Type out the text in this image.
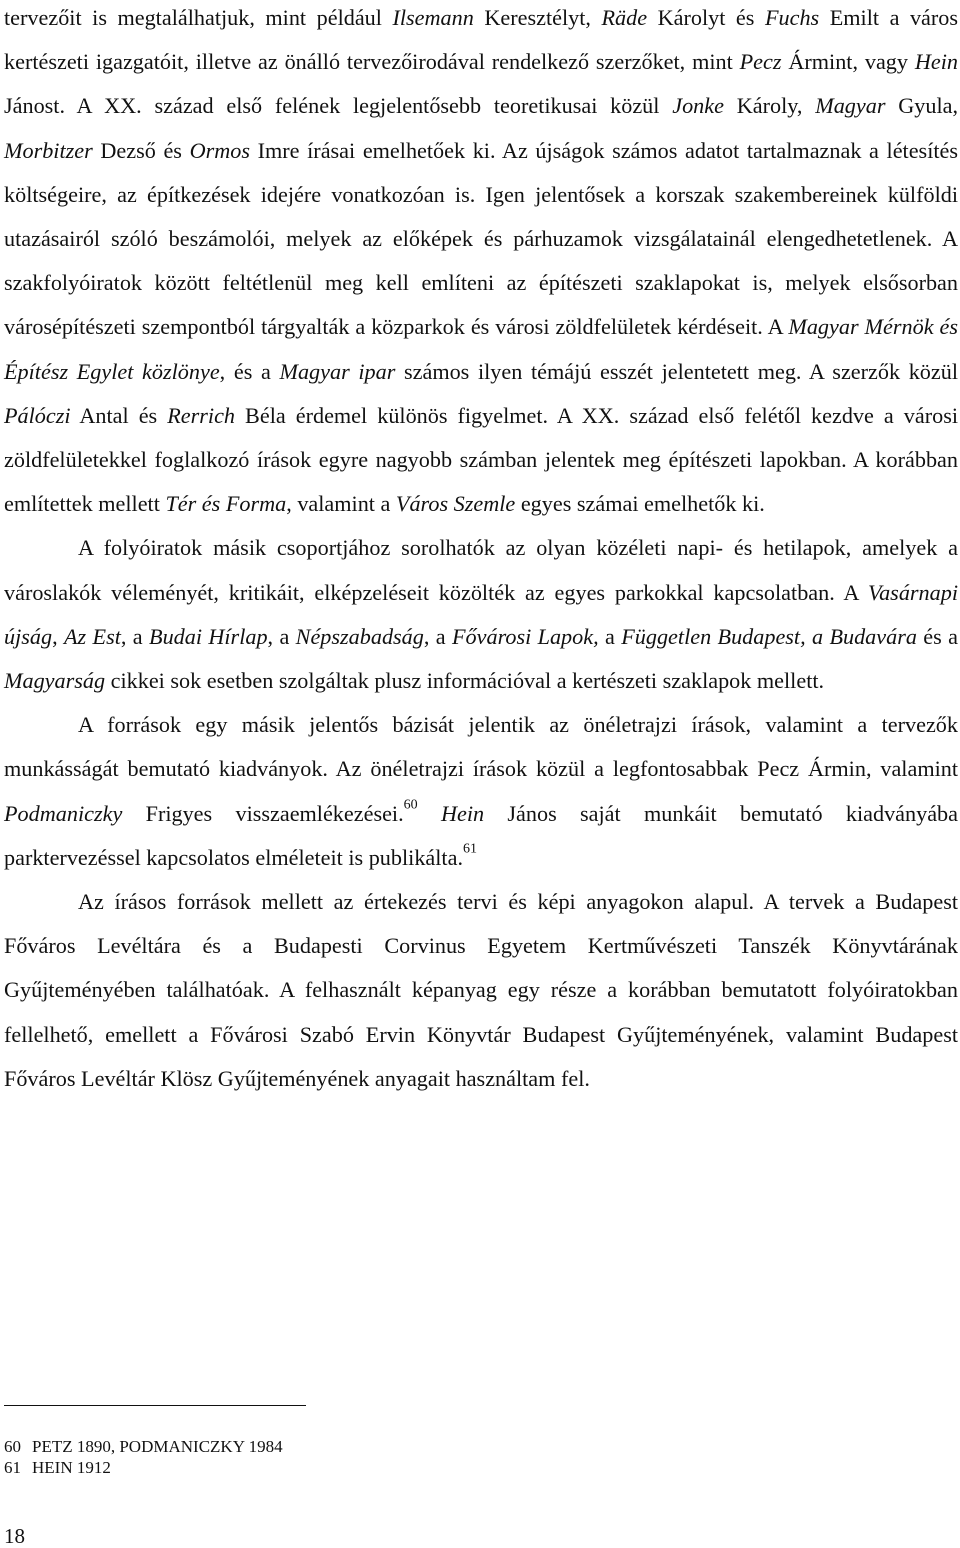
tervezőit is megtalálhatjuk, mint például Ilsemann Keresztélyt, Räde Károlyt és Fuchs Emilt a város kertészeti igazgatóit, illetve az önálló tervezőirodával rendelkező szerzőket, mint Pecz Ármint, vagy Hein Jánost. A XX. század első felének legjelentősebb teoretikusai közül Jonke Károly, Magyar Gyula, Morbitzer Dezső és Ormos Imre írásai emelhetőek ki. Az újságok számos adatot tartalmaznak a létesítés költségeire, az építkezések idejére vonatkozóan is. Igen jelentősek a korszak szakembereinek külföldi utazásairól szóló beszámolói, melyek az előképek és párhuzamok vizsgálatainál elengedhetetlenek. A szakfolyóiratok között feltétlenül meg kell említeni az építészeti szaklapokat is, melyek elsősorban városépítészeti szempontból tárgyalták a közparkok és városi zöldfelületek kérdéseit. A Magyar Mérnök és Építész Egylet közlönye, és a Magyar ipar számos ilyen témájú esszét jelentetett meg. A szerzők közül Pálóczi Antal és Rerrich Béla érdemel különös figyelmet. A XX. század első felétől kezdve a városi zöldfelületekkel foglalkozó írások egyre nagyobb számban jelentek meg építészeti lapokban. A korábban említettek mellett Tér és Forma, valamint a Város Szemle egyes számai emelhetők ki.

A folyóiratok másik csoportjához sorolhatók az olyan közéleti napi- és hetilapok, amelyek a városlakók véleményét, kritikáit, elképzeléseit közölték az egyes parkokkal kapcsolatban. A Vasárnapi újság, Az Est, a Budai Hírlap, a Népszabadság, a Fővárosi Lapok, a Független Budapest, a Budavára és a Magyarság cikkei sok esetben szolgáltak plusz információval a kertészeti szaklapok mellett.

A források egy másik jelentős bázisát jelentik az önéletrajzi írások, valamint a tervezők munkásságát bemutató kiadványok. Az önéletrajzi írások közül a legfontosabbak Pecz Ármin, valamint Podmaniczky Frigyes visszaemlékezései.$^{60}$ Hein János saját munkáit bemutató kiadványába parktervezéssel kapcsolatos elméleteit is publikálta.$^{61}$

Az írásos források mellett az értekezés tervi és képi anyagokon alapul. A tervek a Budapest Főváros Levéltára és a Budapesti Corvinus Egyetem Kertművészeti Tanszék Könyvtárának Gyűjteményében találhatóak. A felhasznált képanyag egy része a korábban bemutatott folyóiratokban fellelhető, emellett a Fővárosi Szabó Ervin Könyvtár Budapest Gyűjteményének, valamint Budapest Főváros Levéltár Klösz Gyűjteményének anyagait használtam fel.

60 PETZ 1890, PODMANICZKY 1984

61 HEIN 1912

18
